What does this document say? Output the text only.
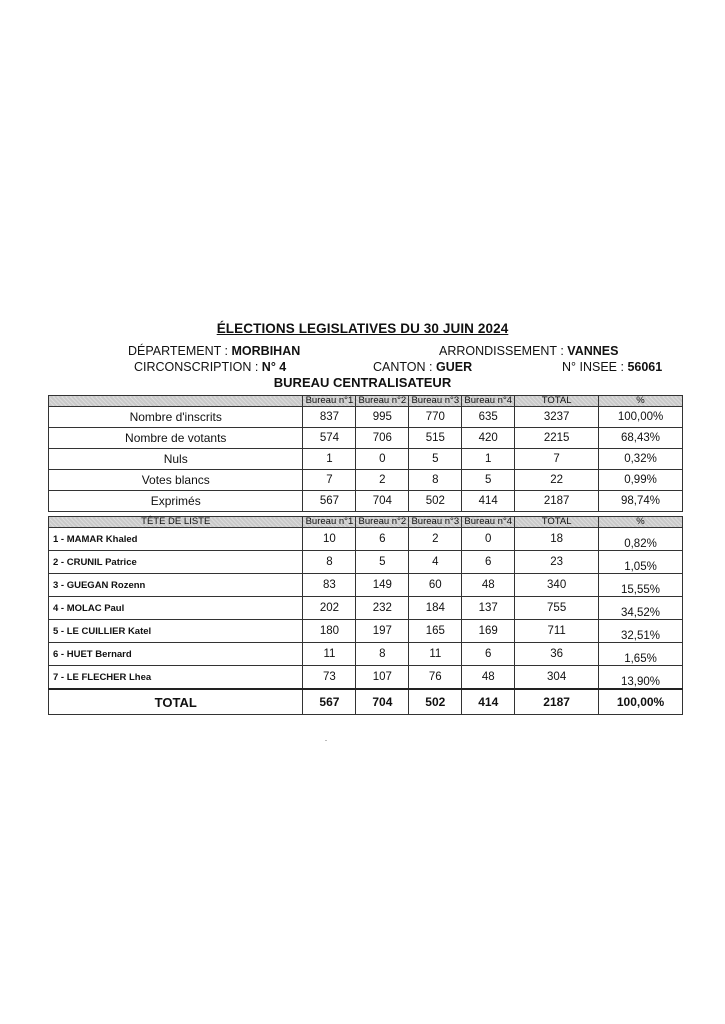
ÉLECTIONS LEGISLATIVES DU 30 JUIN 2024
DÉPARTEMENT : MORBIHAN	ARRONDISSEMENT : VANNES
CIRCONSCRIPTION : N° 4	CANTON : GUER	N° INSEE : 56061
BUREAU CENTRALISATEUR
	Bureau n°1	Bureau n°2	Bureau n°3	Bureau n°4	TOTAL	%
Nombre d'inscrits	837	995	770	635	3237	100,00%
Nombre de votants	574	706	515	420	2215	68,43%
Nuls	1	0	5	1	7	0,32%
Votes blancs	7	2	8	5	22	0,99%
Exprimés	567	704	502	414	2187	98,74%
TÊTE DE LISTE	Bureau n°1	Bureau n°2	Bureau n°3	Bureau n°4	TOTAL	%
1 - MAMAR Khaled	10	6	2	0	18	0,82%
2 - CRUNIL Patrice	8	5	4	6	23	1,05%
3 - GUEGAN Rozenn	83	149	60	48	340	15,55%
4 - MOLAC Paul	202	232	184	137	755	34,52%
5 - LE CUILLIER Katel	180	197	165	169	711	32,51%
6 - HUET Bernard	11	8	11	6	36	1,65%
7 - LE FLECHER Lhea	73	107	76	48	304	13,90%
TOTAL	567	704	502	414	2187	100,00%
